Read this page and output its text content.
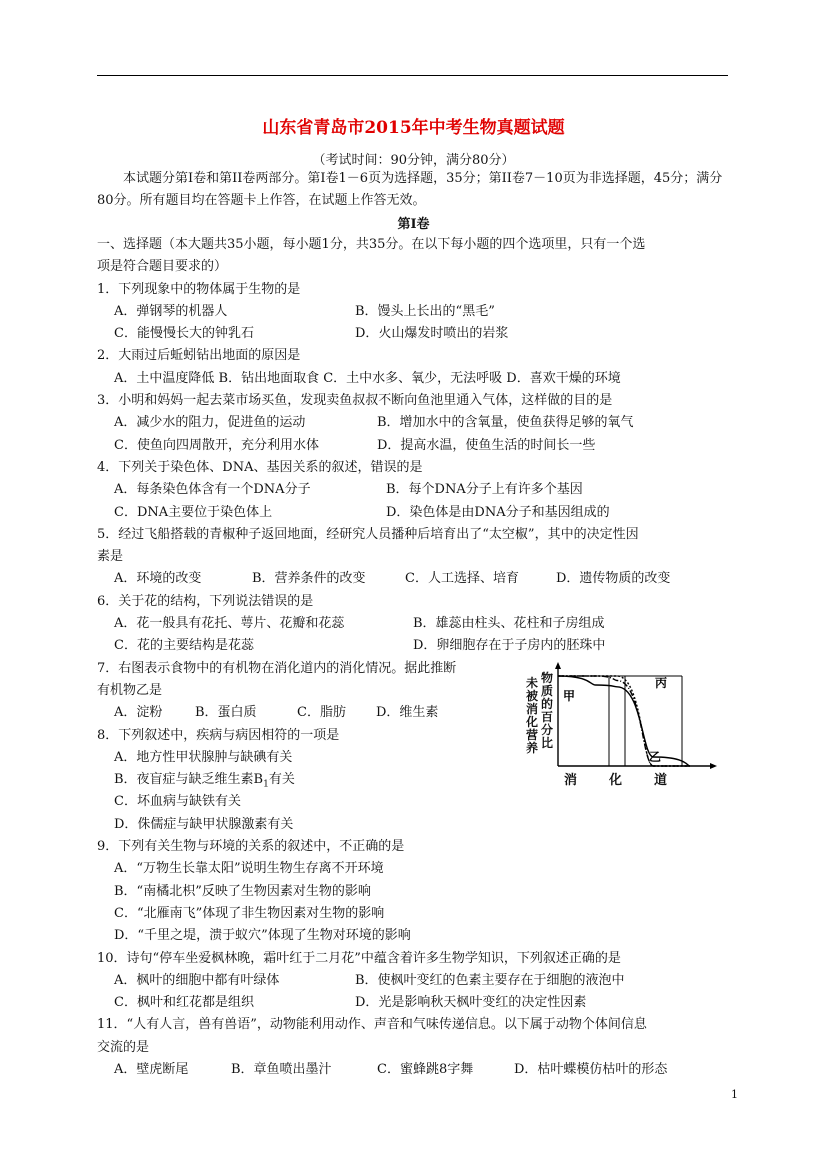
山东省青岛市2015年中考生物真题试题
（考试时间：90分钟，满分80分）
本试题分第Ⅰ卷和第II卷两部分。第Ⅰ卷1－6页为选择题，35分；第II卷7－10页为非选择题，45分；满分80分。所有题目均在答题卡上作答，在试题上作答无效。
第Ⅰ卷
一、选择题（本大题共35小题，每小题1分，共35分。在以下每小题的四个选项里，只有一个选
项是符合题目要求的）
1．下列现象中的物体属于生物的是
A．弹钢琴的机器人	B．馒头上长出的“黑毛”
C．能慢慢长大的钟乳石	D．火山爆发时喷出的岩浆
2．大雨过后蚯蚓钻出地面的原因是
A．土中温度降低 B．钻出地面取食 C．土中水多、氧少，无法呼吸 D．喜欢干燥的环境
3．小明和妈妈一起去菜市场买鱼，发现卖鱼叔叔不断向鱼池里通入气体，这样做的目的是
A．减少水的阻力，促进鱼的运动	B．增加水中的含氧量，使鱼获得足够的氧气
C．使鱼向四周散开，充分利用水体	D．提高水温，使鱼生活的时间长一些
4．下列关于染色体、DNA、基因关系的叙述，错误的是
A．每条染色体含有一个DNA分子	B．每个DNA分子上有许多个基因
C．DNA主要位于染色体上	D．染色体是由DNA分子和基因组成的
5．经过飞船搭载的青椒种子返回地面，经研究人员播种后培育出了“太空椒”，其中的决定性因
素是
A．环境的改变	B．营养条件的改变	C．人工选择、培育	D．遗传物质的改变
6．关于花的结构，下列说法错误的是
A．花一般具有花托、萼片、花瓣和花蕊	B．雄蕊由柱头、花柱和子房组成
C．花的主要结构是花蕊	D．卵细胞存在于子房内的胚珠中
7．右图表示食物中的有机物在消化道内的消化情况。据此推断
有机物乙是
A．淀粉	B．蛋白质	C．脂肪 D．维生素
8．下列叙述中，疾病与病因相符的一项是
A．地方性甲状腺肿与缺碘有关
B．夜盲症与缺乏维生素$B_1$有关
C．坏血病与缺铁有关
D．侏儒症与缺甲状腺激素有关
9．下列有关生物与环境的关系的叙述中，不正确的是
A．“万物生长靠太阳”说明生物生存离不开环境
B．“南橘北枳”反映了生物因素对生物的影响
C．“北雁南飞”体现了非生物因素对生物的影响
D．“千里之堤，溃于蚁穴”体现了生物对环境的影响
10．诗句“停车坐爱枫林晚，霜叶红于二月花”中蕴含着许多生物学知识，下列叙述正确的是
A．枫叶的细胞中都有叶绿体	B．使枫叶变红的色素主要存在于细胞的液泡中
C．枫叶和红花都是组织	D．光是影响秋天枫叶变红的决定性因素
11．“人有人言，兽有兽语”，动物能利用动作、声音和气味传递信息。以下属于动物个体间信息
交流的是
A．壁虎断尾	B．章鱼喷出墨汁	C．蜜蜂跳8字舞	D．枯叶蝶模仿枯叶的形态
未
被
消
化
营
养
物
质
的
百
分
比
甲
乙
丙
消 化 道
1
